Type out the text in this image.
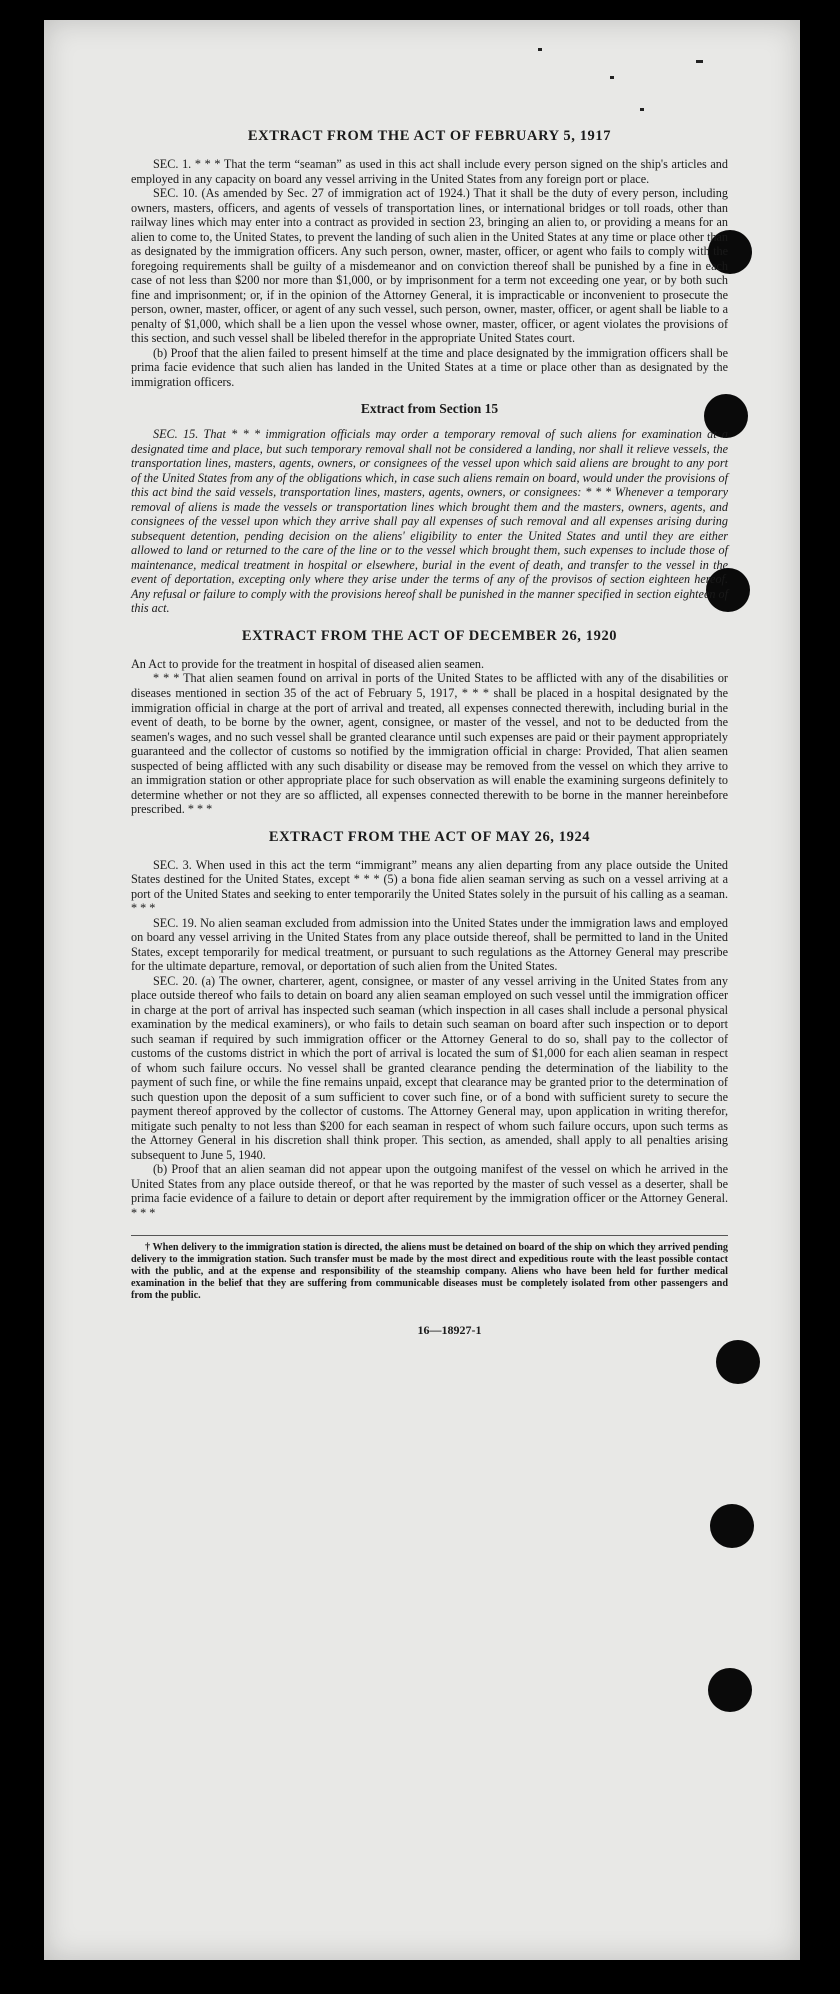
EXTRACT FROM THE ACT OF FEBRUARY 5, 1917

SEC. 1. * * * That the term “seaman” as used in this act shall include every person signed on the ship's articles and employed in any capacity on board any vessel arriving in the United States from any foreign port or place.

SEC. 10. (As amended by Sec. 27 of immigration act of 1924.) That it shall be the duty of every person, including owners, masters, officers, and agents of vessels of transportation lines, or international bridges or toll roads, other than railway lines which may enter into a contract as provided in section 23, bringing an alien to, or providing a means for an alien to come to, the United States, to prevent the landing of such alien in the United States at any time or place other than as designated by the immigration officers. Any such person, owner, master, officer, or agent who fails to comply with the foregoing requirements shall be guilty of a misdemeanor and on conviction thereof shall be punished by a fine in each case of not less than $200 nor more than $1,000, or by imprisonment for a term not exceeding one year, or by both such fine and imprisonment; or, if in the opinion of the Attorney General, it is impracticable or inconvenient to prosecute the person, owner, master, officer, or agent of any such vessel, such person, owner, master, officer, or agent shall be liable to a penalty of $1,000, which shall be a lien upon the vessel whose owner, master, officer, or agent violates the provisions of this section, and such vessel shall be libeled therefor in the appropriate United States court.

(b) Proof that the alien failed to present himself at the time and place designated by the immigration officers shall be prima facie evidence that such alien has landed in the United States at a time or place other than as designated by the immigration officers.

Extract from Section 15

SEC. 15. That * * * immigration officials may order a temporary removal of such aliens for examination at a designated time and place, but such temporary removal shall not be considered a landing, nor shall it relieve vessels, the transportation lines, masters, agents, owners, or consignees of the vessel upon which said aliens are brought to any port of the United States from any of the obligations which, in case such aliens remain on board, would under the provisions of this act bind the said vessels, transportation lines, masters, agents, owners, or consignees: * * * Whenever a temporary removal of aliens is made the vessels or transportation lines which brought them and the masters, owners, agents, and consignees of the vessel upon which they arrive shall pay all expenses of such removal and all expenses arising during subsequent detention, pending decision on the aliens' eligibility to enter the United States and until they are either allowed to land or returned to the care of the line or to the vessel which brought them, such expenses to include those of maintenance, medical treatment in hospital or elsewhere, burial in the event of death, and transfer to the vessel in the event of deportation, excepting only where they arise under the terms of any of the provisos of section eighteen hereof. Any refusal or failure to comply with the provisions hereof shall be punished in the manner specified in section eighteen of this act.

EXTRACT FROM THE ACT OF DECEMBER 26, 1920

An Act to provide for the treatment in hospital of diseased alien seamen.

* * * That alien seamen found on arrival in ports of the United States to be afflicted with any of the disabilities or diseases mentioned in section 35 of the act of February 5, 1917, * * * shall be placed in a hospital designated by the immigration official in charge at the port of arrival and treated, all expenses connected therewith, including burial in the event of death, to be borne by the owner, agent, consignee, or master of the vessel, and not to be deducted from the seamen's wages, and no such vessel shall be granted clearance until such expenses are paid or their payment appropriately guaranteed and the collector of customs so notified by the immigration official in charge: Provided, That alien seamen suspected of being afflicted with any such disability or disease may be removed from the vessel on which they arrive to an immigration station or other appropriate place for such observation as will enable the examining surgeons definitely to determine whether or not they are so afflicted, all expenses connected therewith to be borne in the manner hereinbefore prescribed. * * *

EXTRACT FROM THE ACT OF MAY 26, 1924

SEC. 3. When used in this act the term “immigrant” means any alien departing from any place outside the United States destined for the United States, except * * * (5) a bona fide alien seaman serving as such on a vessel arriving at a port of the United States and seeking to enter temporarily the United States solely in the pursuit of his calling as a seaman. * * *

SEC. 19. No alien seaman excluded from admission into the United States under the immigration laws and employed on board any vessel arriving in the United States from any place outside thereof, shall be permitted to land in the United States, except temporarily for medical treatment, or pursuant to such regulations as the Attorney General may prescribe for the ultimate departure, removal, or deportation of such alien from the United States.

SEC. 20. (a) The owner, charterer, agent, consignee, or master of any vessel arriving in the United States from any place outside thereof who fails to detain on board any alien seaman employed on such vessel until the immigration officer in charge at the port of arrival has inspected such seaman (which inspection in all cases shall include a personal physical examination by the medical examiners), or who fails to detain such seaman on board after such inspection or to deport such seaman if required by such immigration officer or the Attorney General to do so, shall pay to the collector of customs of the customs district in which the port of arrival is located the sum of $1,000 for each alien seaman in respect of whom such failure occurs. No vessel shall be granted clearance pending the determination of the liability to the payment of such fine, or while the fine remains unpaid, except that clearance may be granted prior to the determination of such question upon the deposit of a sum sufficient to cover such fine, or of a bond with sufficient surety to secure the payment thereof approved by the collector of customs. The Attorney General may, upon application in writing therefor, mitigate such penalty to not less than $200 for each seaman in respect of whom such failure occurs, upon such terms as the Attorney General in his discretion shall think proper. This section, as amended, shall apply to all penalties arising subsequent to June 5, 1940.

(b) Proof that an alien seaman did not appear upon the outgoing manifest of the vessel on which he arrived in the United States from any place outside thereof, or that he was reported by the master of such vessel as a deserter, shall be prima facie evidence of a failure to detain or deport after requirement by the immigration officer or the Attorney General. * * *

† When delivery to the immigration station is directed, the aliens must be detained on board of the ship on which they arrived pending delivery to the immigration station. Such transfer must be made by the most direct and expeditious route with the least possible contact with the public, and at the expense and responsibility of the steamship company. Aliens who have been held for further medical examination in the belief that they are suffering from communicable diseases must be completely isolated from other passengers and from the public.
16—18927-1
